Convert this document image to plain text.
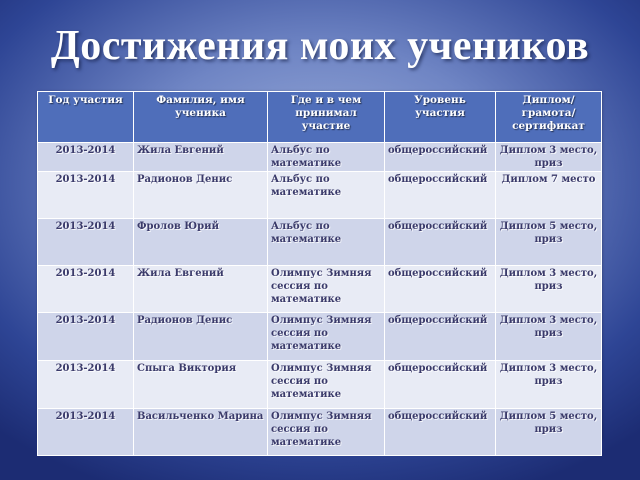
Достижения моих учеников
Год участия	Фамилия, имя ученика	Где и в чем принимал участие	Уровень участия	Диплом/ грамота/ сертификат
2013-2014	Жила Евгений	Альбус по математике	общероссийский	Диплом 3 место, приз
2013-2014	Радионов Денис	Альбус по математике	общероссийский	Диплом 7 место
2013-2014	Фролов Юрий	Альбус по математике	общероссийский	Диплом 5 место, приз
2013-2014	Жила Евгений	Олимпус Зимняя сессия по математике	общероссийский	Диплом 3 место, приз
2013-2014	Радионов Денис	Олимпус Зимняя сессия по математике	общероссийский	Диплом 3 место, приз
2013-2014	Спыга Виктория	Олимпус Зимняя сессия по математике	общероссийский	Диплом 3 место, приз
2013-2014	Васильченко Марина	Олимпус Зимняя сессия по математике	общероссийский	Диплом 5 место, приз
